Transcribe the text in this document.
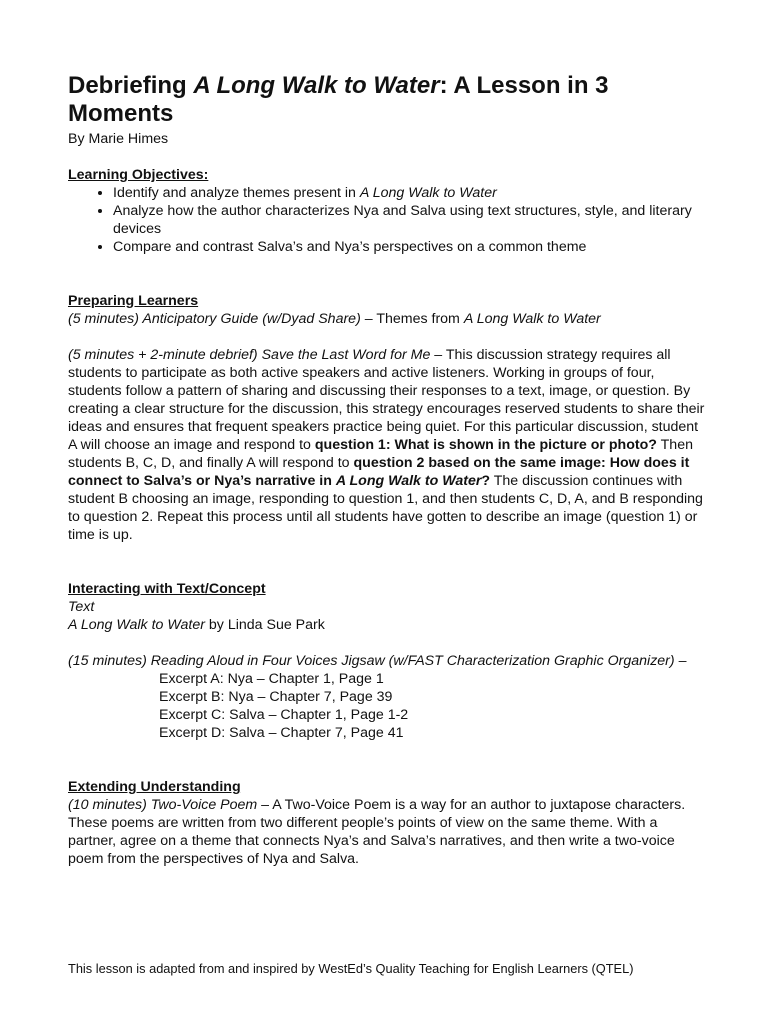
Debriefing A Long Walk to Water: A Lesson in 3 Moments

By Marie Himes

Learning Objectives:
• Identify and analyze themes present in A Long Walk to Water
• Analyze how the author characterizes Nya and Salva using text structures, style, and literary devices
• Compare and contrast Salva’s and Nya’s perspectives on a common theme
Preparing Learners

(5 minutes) Anticipatory Guide (w/Dyad Share) – Themes from A Long Walk to Water

(5 minutes + 2-minute debrief) Save the Last Word for Me – This discussion strategy requires all students to participate as both active speakers and active listeners. Working in groups of four, students follow a pattern of sharing and discussing their responses to a text, image, or question. By creating a clear structure for the discussion, this strategy encourages reserved students to share their ideas and ensures that frequent speakers practice being quiet. For this particular discussion, student A will choose an image and respond to question 1: What is shown in the picture or photo? Then students B, C, D, and finally A will respond to question 2 based on the same image: How does it connect to Salva’s or Nya’s narrative in A Long Walk to Water? The discussion continues with student B choosing an image, responding to question 1, and then students C, D, A, and B responding to question 2. Repeat this process until all students have gotten to describe an image (question 1) or time is up.

Interacting with Text/Concept

Text

A Long Walk to Water by Linda Sue Park

(15 minutes) Reading Aloud in Four Voices Jigsaw (w/FAST Characterization Graphic Organizer) –

Excerpt A: Nya – Chapter 1, Page 1
Excerpt B: Nya – Chapter 7, Page 39
Excerpt C: Salva – Chapter 1, Page 1-2
Excerpt D: Salva – Chapter 7, Page 41
Extending Understanding

(10 minutes) Two-Voice Poem – A Two-Voice Poem is a way for an author to juxtapose characters. These poems are written from two different people’s points of view on the same theme. With a partner, agree on a theme that connects Nya’s and Salva’s narratives, and then write a two-voice poem from the perspectives of Nya and Salva.

This lesson is adapted from and inspired by WestEd’s Quality Teaching for English Learners (QTEL)
